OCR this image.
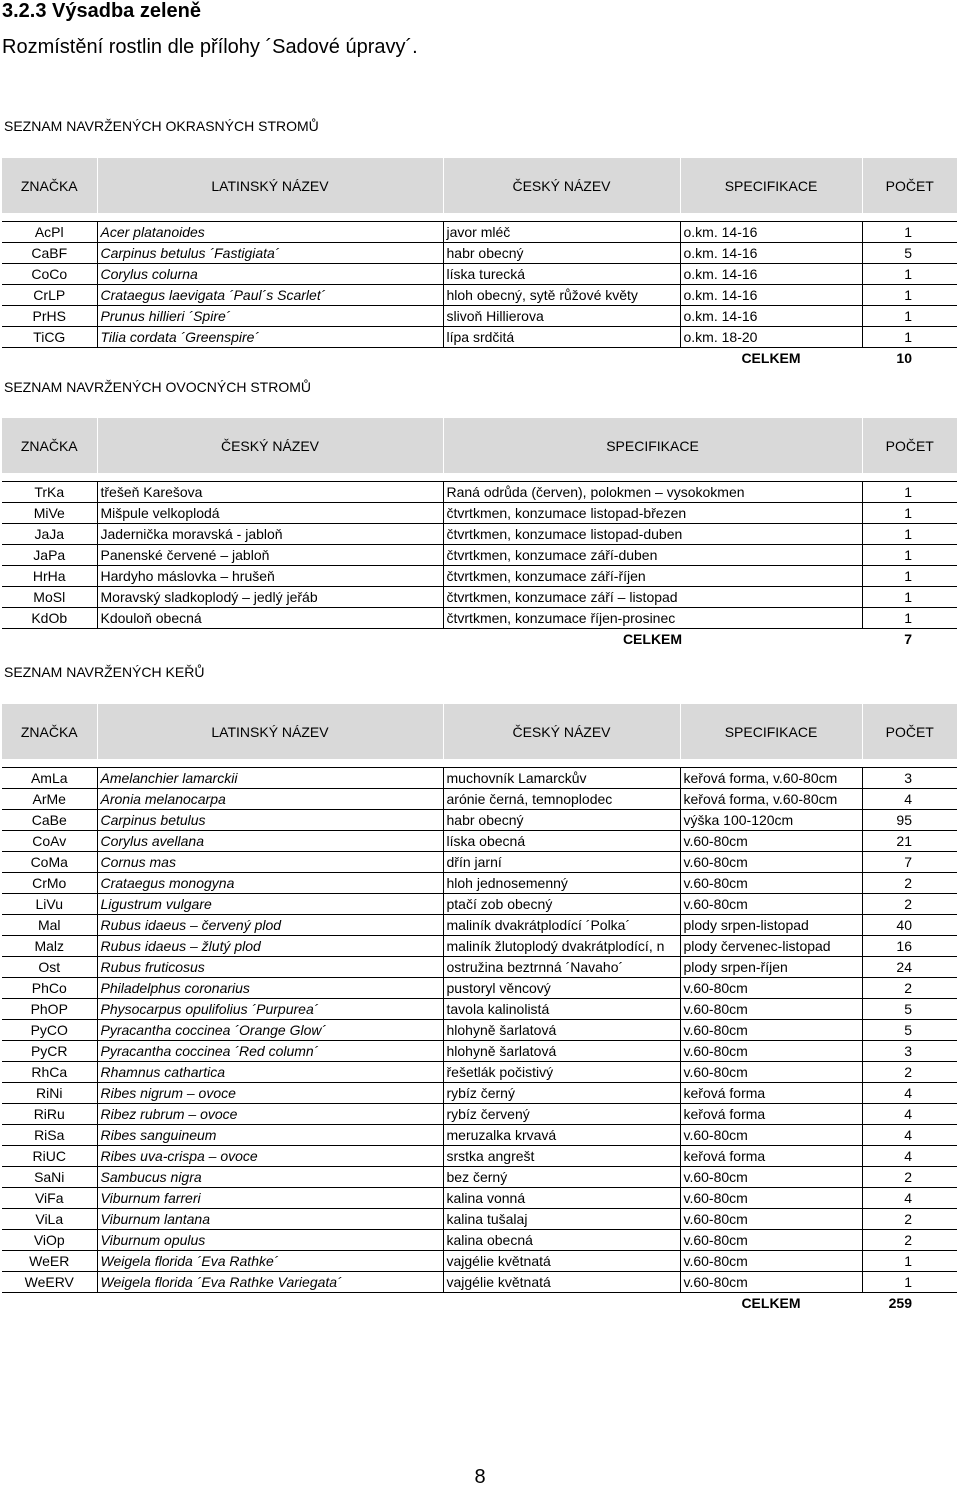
3.2.3 Výsadba zeleně
Rozmístění rostlin dle přílohy ´Sadové úpravy´.
SEZNAM NAVRŽENÝCH OKRASNÝCH STROMŮ
ZNAČKA	LATINSKÝ NÁZEV	ČESKÝ NÁZEV	SPECIFIKACE	POČET

AcPl	Acer platanoides	javor mléč	o.km. 14-16	1
CaBF	Carpinus betulus ´Fastigiata´	habr obecný	o.km. 14-16	5
CoCo	Corylus colurna	líska turecká	o.km. 14-16	1
CrLP	Crataegus laevigata ´Paul´s Scarlet´	hloh obecný, sytě růžové květy	o.km. 14-16	1
PrHS	Prunus hillieri ´Spire´	slivoň Hillierova	o.km. 14-16	1
TiCG	Tilia cordata ´Greenspire´	lípa srdčitá	o.km. 18-20	1
			CELKEM	10
SEZNAM NAVRŽENÝCH OVOCNÝCH STROMŮ
ZNAČKA	ČESKÝ NÁZEV	SPECIFIKACE	POČET

TrKa	třešeň Karešova	Raná odrůda (červen), polokmen – vysokokmen	1
MiVe	Mišpule velkoplodá	čtvrtkmen, konzumace listopad-březen	1
JaJa	Jadernička moravská - jabloň	čtvrtkmen, konzumace listopad-duben	1
JaPa	Panenské červené – jabloň	čtvrtkmen, konzumace září-duben	1
HrHa	Hardyho máslovka – hrušeň	čtvrtkmen, konzumace září-říjen	1
MoSl	Moravský sladkoplodý – jedlý jeřáb	čtvrtkmen, konzumace září – listopad	1
KdOb	Kdouloň obecná	čtvrtkmen, konzumace říjen-prosinec	1
		CELKEM	7
SEZNAM NAVRŽENÝCH KEŘŮ
ZNAČKA	LATINSKÝ NÁZEV	ČESKÝ NÁZEV	SPECIFIKACE	POČET

AmLa	Amelanchier lamarckii	muchovník Lamarckův	keřová forma, v.60-80cm	3
ArMe	Aronia melanocarpa	arónie černá, temnoplodec	keřová forma, v.60-80cm	4
CaBe	Carpinus betulus	habr obecný	výška 100-120cm	95
CoAv	Corylus avellana	líska obecná	v.60-80cm	21
CoMa	Cornus mas	dřín jarní	v.60-80cm	7
CrMo	Crataegus monogyna	hloh jednosemenný	v.60-80cm	2
LiVu	Ligustrum vulgare	ptačí zob obecný	v.60-80cm	2
Mal	Rubus idaeus – červený plod	maliník dvakrátplodící ´Polka´	plody srpen-listopad	40
Malz	Rubus idaeus – žlutý plod	maliník žlutoplodý dvakrátplodící, n	plody červenec-listopad	16
Ost	Rubus fruticosus	ostružina beztrnná ´Navaho´	plody srpen-říjen	24
PhCo	Philadelphus coronarius	pustoryl věncový	v.60-80cm	2
PhOP	Physocarpus opulifolius ´Purpurea´	tavola kalinolistá	v.60-80cm	5
PyCO	Pyracantha coccinea ´Orange Glow´	hlohyně šarlatová	v.60-80cm	5
PyCR	Pyracantha coccinea ´Red column´	hlohyně šarlatová	v.60-80cm	3
RhCa	Rhamnus cathartica	řešetlák počistivý	v.60-80cm	2
RiNi	Ribes nigrum – ovoce	rybíz černý	keřová forma	4
RiRu	Ribez rubrum – ovoce	rybíz červený	keřová forma	4
RiSa	Ribes sanguineum	meruzalka krvavá	v.60-80cm	4
RiUC	Ribes uva-crispa – ovoce	srstka angrešt	keřová forma	4
SaNi	Sambucus nigra	bez černý	v.60-80cm	2
ViFa	Viburnum farreri	kalina vonná	v.60-80cm	4
ViLa	Viburnum lantana	kalina tušalaj	v.60-80cm	2
ViOp	Viburnum opulus	kalina obecná	v.60-80cm	2
WeER	Weigela florida ´Eva Rathke´	vajgélie květnatá	v.60-80cm	1
WeERV	Weigela florida ´Eva Rathke Variegata´	vajgélie květnatá	v.60-80cm	1
			CELKEM	259
8
